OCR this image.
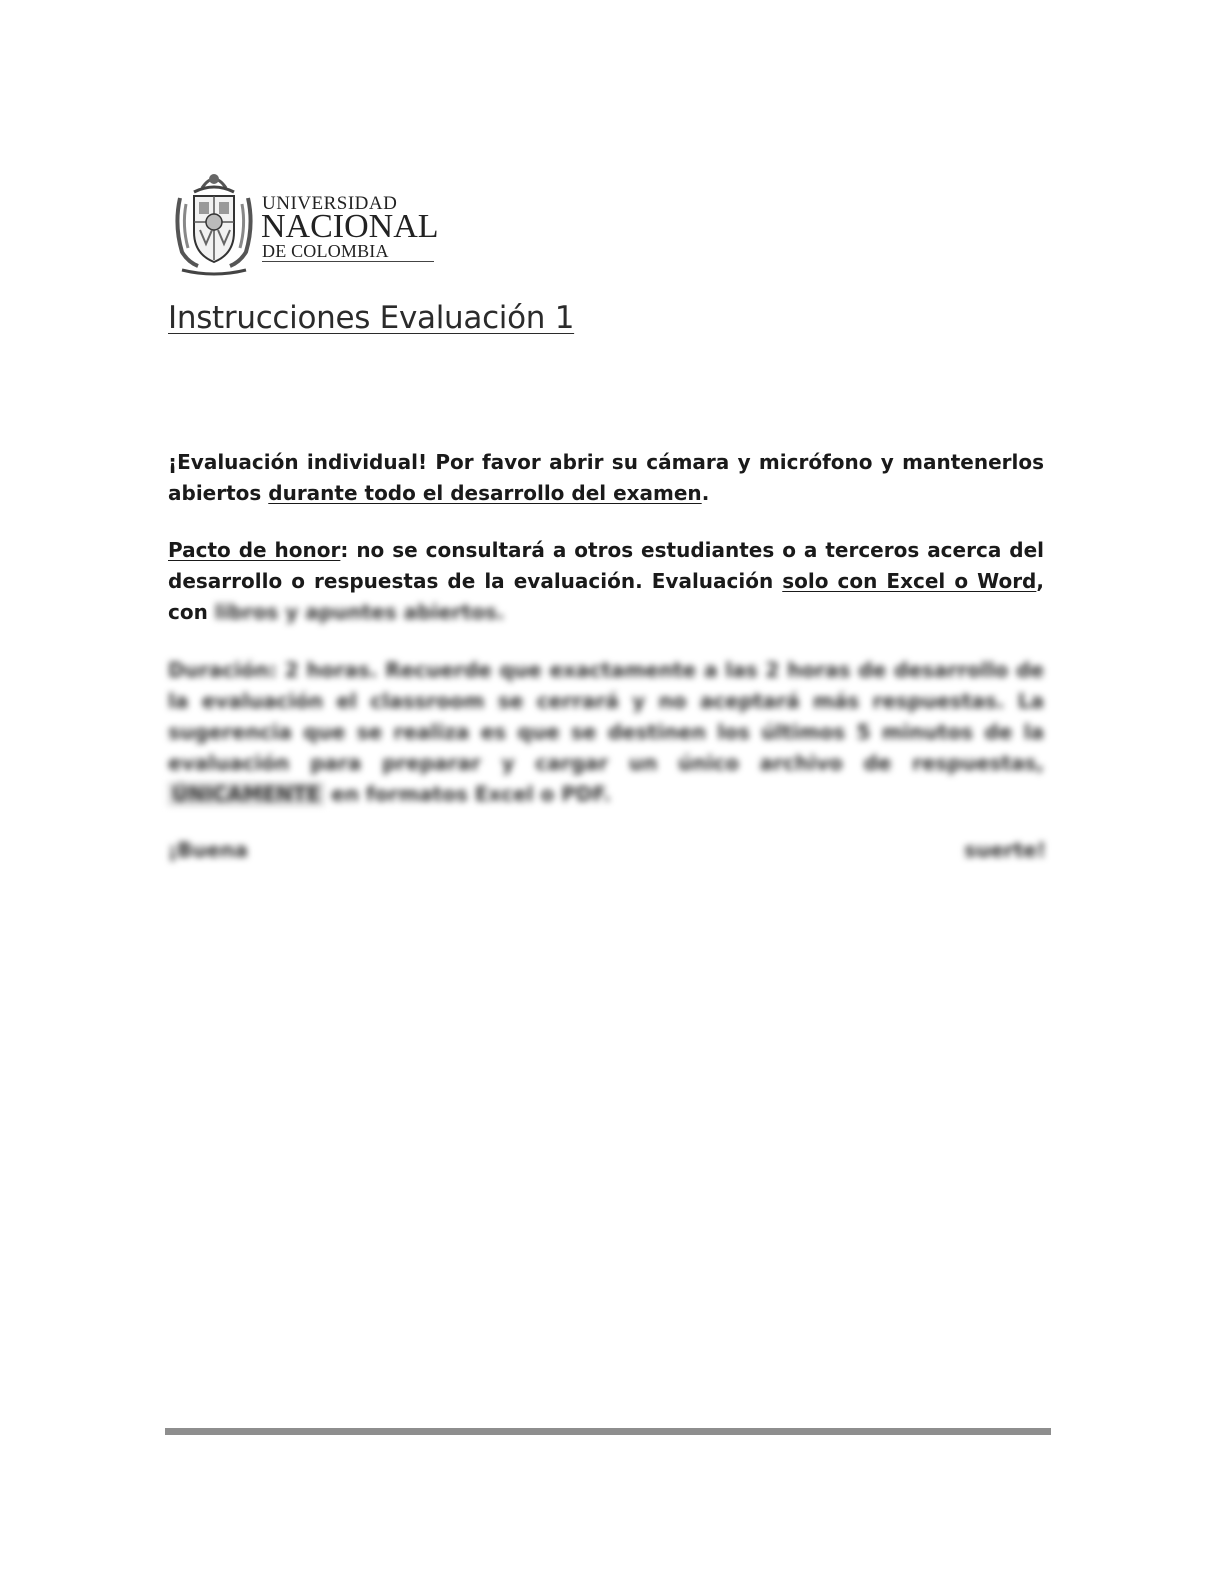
UNIVERSIDAD
NACIONAL
DE COLOMBIA
Instrucciones Evaluación 1

¡Evaluación individual! Por favor abrir su cámara y micrófono y mantenerlos abiertos durante todo el desarrollo del examen.

Pacto de honor: no se consultará a otros estudiantes o a terceros acerca del desarrollo o respuestas de la evaluación. Evaluación solo con Excel o Word, con libros y apuntes abiertos.

Duración: 2 horas. Recuerde que exactamente a las 2 horas de desarrollo de la evaluación el classroom se cerrará y no aceptará más respuestas. La sugerencia que se realiza es que se destinen los últimos 5 minutos de la evaluación para preparar y cargar un único archivo de respuestas, ÚNICAMENTE en formatos Excel o PDF.

¡Buena	suerte!
